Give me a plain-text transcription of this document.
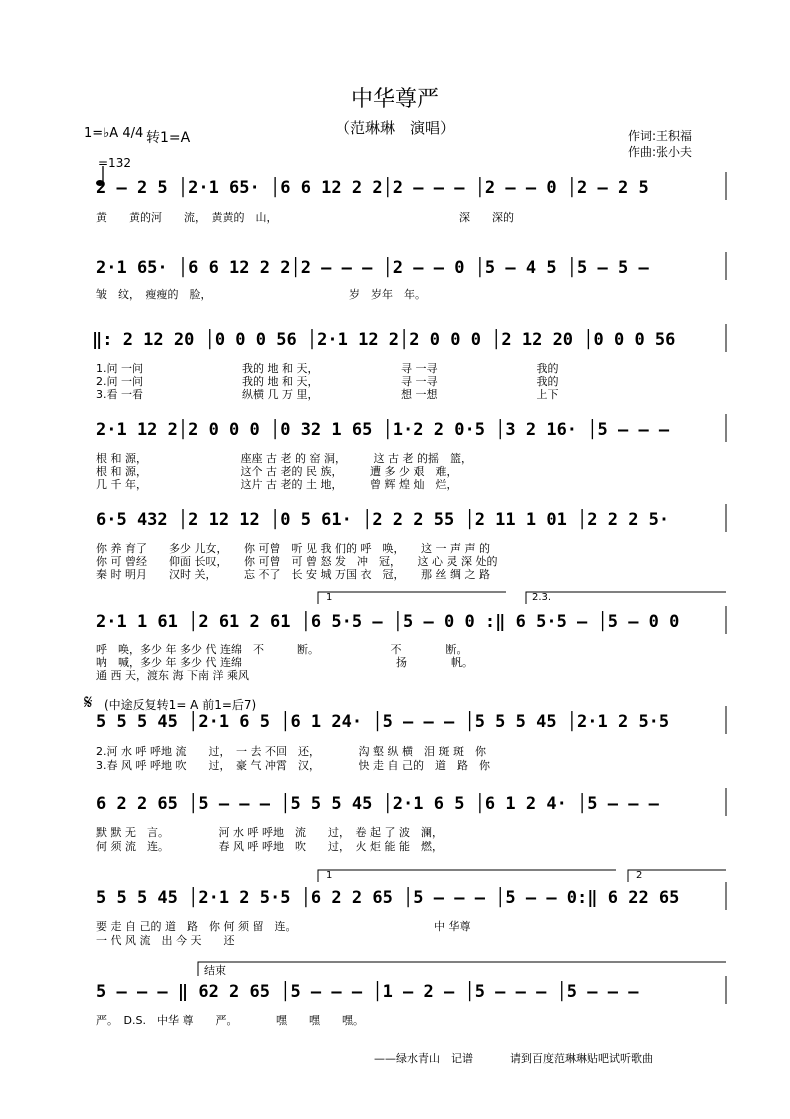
中华尊严
（范琳琳　演唱）
1=♭A 4/4

=132
转1=A	作词:王积福
作曲:张小夫

2 — 2 5 │2·1 65· │6 6 12 2 2│2 — — — │2 — — 0 │2 — 2 5

黄　　黄的河　　流，　黄黄的　山，　　　　　　　　　　　　　　　　　深　　深的

2·1 65· │6 6 12 2 2│2 — — — │2 — — 0 │5 — 4 5 │5 — 5 —

皱　纹，　瘦瘦的　脸，　　　　　　　　　　　　　岁　岁年　年。

‖: 2 12 20 │0 0 0 56 │2·1 12 2│2 0 0 0 │2 12 20 │0 0 0 56

1.问 一问　　　　　　　　　我的 地 和 天，　　　　　　　　寻 一寻　　　　　　　　　我的
2.问 一问　　　　　　　　　我的 地 和 天，　　　　　　　　寻 一寻　　　　　　　　　我的
3.看 一看　　　　　　　　　纵横 几 万 里，　　　　　　　　想 一想　　　　　　　　　上下

2·1 12 2│2 0 0 0 │0 32 1 65 │1·2 2 0·5 │3 2 16· │5 — — —

根 和 源，　　　　　　　　　座座 古 老 的 窑 洞，　　　这 古 老 的摇　篮，
根 和 源，　　　　　　　　　这个 古 老的 民 族，　　　遭 多 少 艰　难，
几 千 年，　　　　　　　　　这片 古 老的 土 地，　　　曾 辉 煌 灿　烂，

6·5 432 │2 12 12 │0 5 61· │2 2 2 55 │2 11 1 01 │2 2 2 5·

你 养 育了　　多少 儿女，　　你 可曾　听 见 我 们的 呼　唤，　　这 一 声 声 的
你 可 曾经　　仰面 长叹，　　你 可曾　可 曾 怒 发　冲　冠，　　这 心 灵 深 处的
秦 时 明月　　汉时 关，　　　忘 不了　长 安 城 万国 衣　冠，　　那 丝 绸 之 路
1	2.3.

2·1 1 61 │2 61 2 61 │6 5·5 — │5 — 0 0 :‖ 6 5·5 — │5 — 0 0

呼　唤，多少 年 多少 代 连绵　不　　　断。　　　　　　　不　　　　断。
呐　喊，多少 年 多少 代 连绵　　　　　　　　　　　　　　扬　　　　帆。
通 西 天，渡东 海 下南 洋 乘风
𝄋 (中途反复转1= A 前1=后7)

5 5 5 45 │2·1 6 5 │6 1 24· │5 — — — │5 5 5 45 │2·1 2 5·5

2.河 水 呼 呼地 流　　过，　一 去 不回　还，　　　　沟 壑 纵 横　泪 斑 斑　你
3.春 风 呼 呼地 吹　　过，　豪 气 冲霄　汉，　　　　快 走 自 己的　道　路　你

6 2 2 65 │5 — — — │5 5 5 45 │2·1 6 5 │6 1 2 4· │5 — — —

默 默 无　言。　　　　　河 水 呼 呼地　流　　过，　卷 起 了 波　澜，
何 须 流　连。　　　　　春 风 呼 呼地　吹　　过，　火 炬 能 能　燃，
1	2

5 5 5 45 │2·1 2 5·5 │6 2 2 65 │5 — — — │5 — — 0:‖ 6 22 65

要 走 自 己的 道　路　你 何 须 留　连。　　　　　　　　　　　　　中 华尊
一 代 风 流　出 今 天　　还
结束

5 — — — ‖ 62 2 65 │5 — — — │1 — 2 — │5 — — — │5 — — —

严。　D.S.　中华 尊　　严。　　　　嘿　　嘿　　嘿。
——绿水青山　记谱	请到百度范琳琳贴吧试听歌曲
